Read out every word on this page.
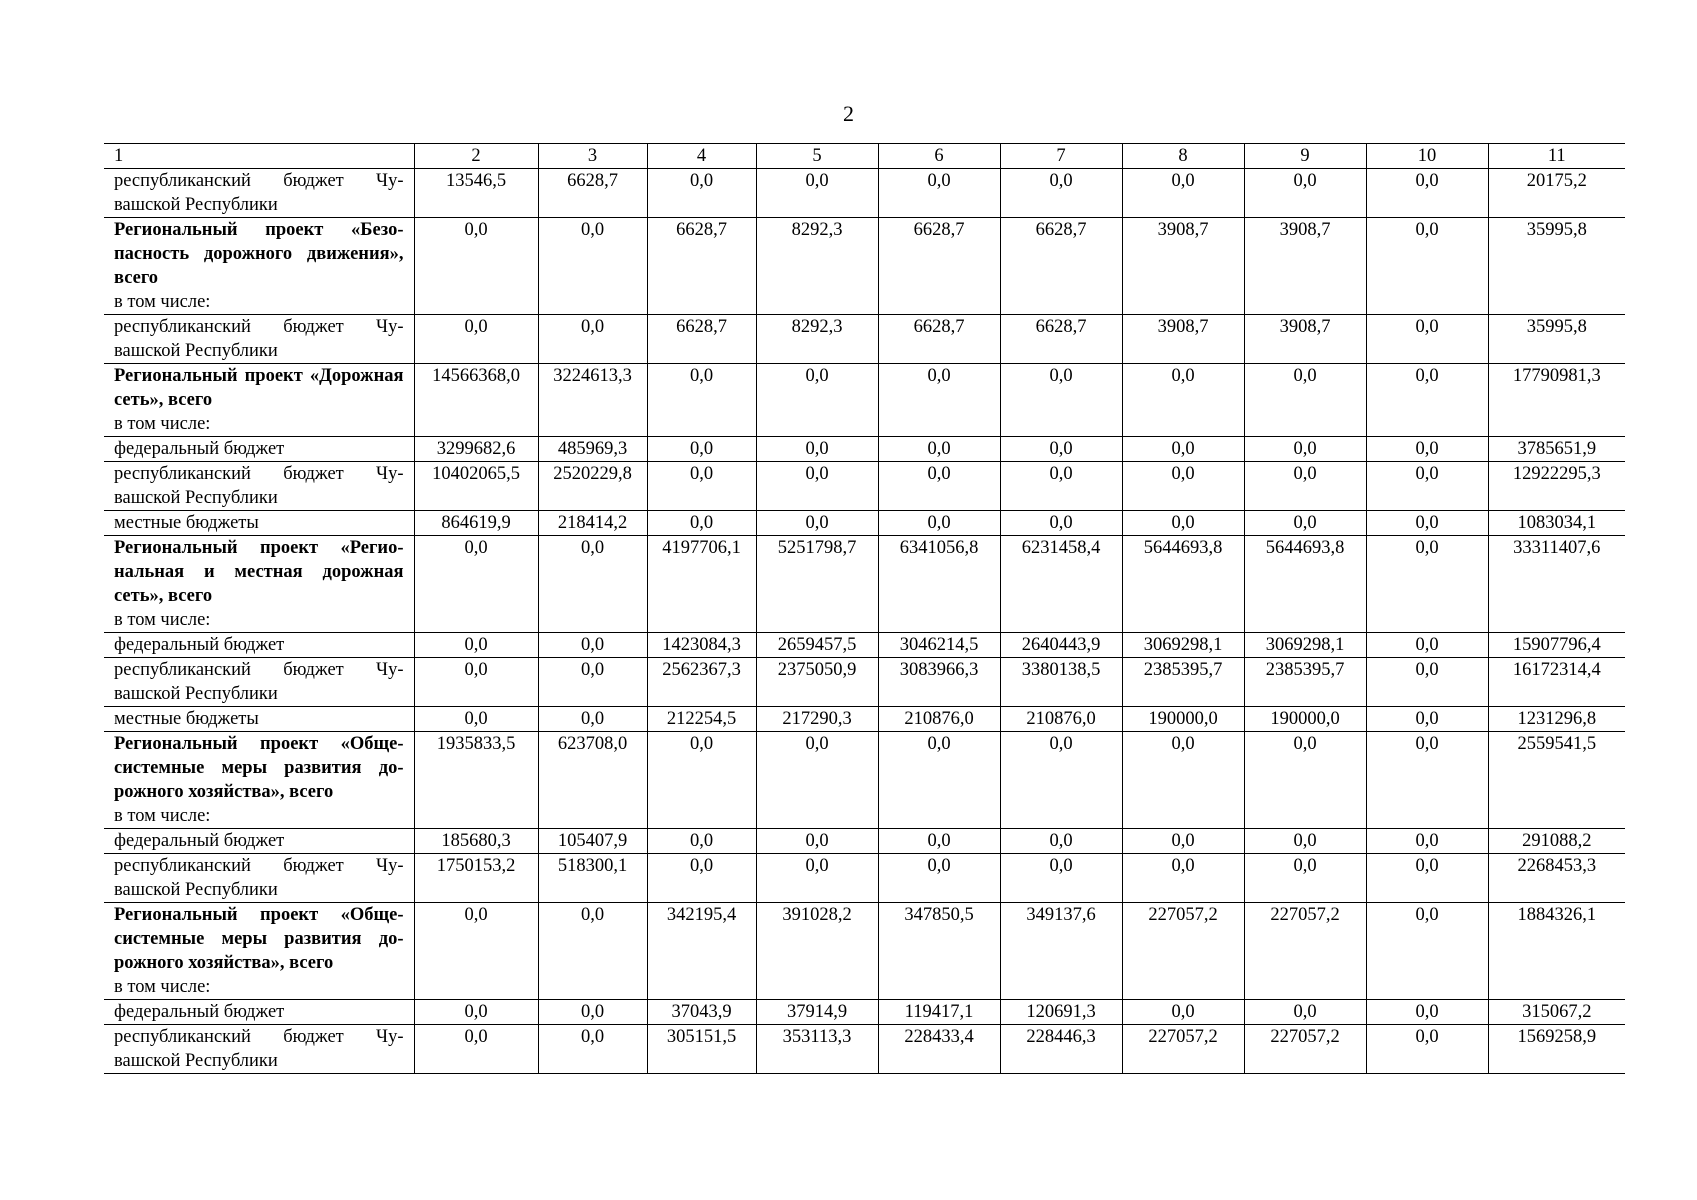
2
1	2	3	4	5	6	7	8	9	10	11

республиканский бюджет Чувашской Республики	13546,5	6628,7	0,0	0,0	0,0	0,0	0,0	0,0	0,0	20175,2

Региональный проект «Безопасность дорожного движения», всего
в том числе:	0,0	0,0	6628,7	8292,3	6628,7	6628,7	3908,7	3908,7	0,0	35995,8

республиканский бюджет Чувашской Республики	0,0	0,0	6628,7	8292,3	6628,7	6628,7	3908,7	3908,7	0,0	35995,8

Региональный проект «Дорожная сеть», всего
в том числе:	14566368,0	3224613,3	0,0	0,0	0,0	0,0	0,0	0,0	0,0	17790981,3

федеральный бюджет	3299682,6	485969,3	0,0	0,0	0,0	0,0	0,0	0,0	0,0	3785651,9

республиканский бюджет Чувашской Республики	10402065,5	2520229,8	0,0	0,0	0,0	0,0	0,0	0,0	0,0	12922295,3

местные бюджеты	864619,9	218414,2	0,0	0,0	0,0	0,0	0,0	0,0	0,0	1083034,1

Региональный проект «Региональная и местная дорожная сеть», всего
в том числе:	0,0	0,0	4197706,1	5251798,7	6341056,8	6231458,4	5644693,8	5644693,8	0,0	33311407,6

федеральный бюджет	0,0	0,0	1423084,3	2659457,5	3046214,5	2640443,9	3069298,1	3069298,1	0,0	15907796,4

республиканский бюджет Чувашской Республики	0,0	0,0	2562367,3	2375050,9	3083966,3	3380138,5	2385395,7	2385395,7	0,0	16172314,4

местные бюджеты	0,0	0,0	212254,5	217290,3	210876,0	210876,0	190000,0	190000,0	0,0	1231296,8

Региональный проект «Общесистемные меры развития дорожного хозяйства», всего
в том числе:	1935833,5	623708,0	0,0	0,0	0,0	0,0	0,0	0,0	0,0	2559541,5

федеральный бюджет	185680,3	105407,9	0,0	0,0	0,0	0,0	0,0	0,0	0,0	291088,2

республиканский бюджет Чувашской Республики	1750153,2	518300,1	0,0	0,0	0,0	0,0	0,0	0,0	0,0	2268453,3

Региональный проект «Общесистемные меры развития дорожного хозяйства», всего
в том числе:	0,0	0,0	342195,4	391028,2	347850,5	349137,6	227057,2	227057,2	0,0	1884326,1

федеральный бюджет	0,0	0,0	37043,9	37914,9	119417,1	120691,3	0,0	0,0	0,0	315067,2

республиканский бюджет Чувашской Республики	0,0	0,0	305151,5	353113,3	228433,4	228446,3	227057,2	227057,2	0,0	1569258,9
